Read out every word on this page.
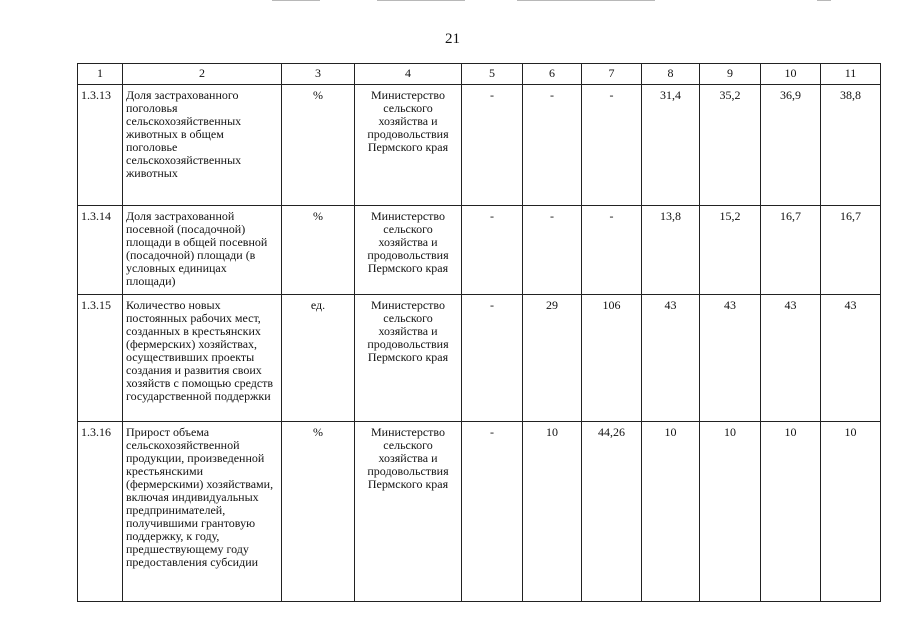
21
1	2	3	4	5	6	7	8	9	10	11
1.3.13	Доля застрахованного поголовья сельскохозяйственных животных в общем поголовье сельскохозяйственных животных	%	Министерство сельского хозяйства и продовольствия Пермского края	-	-	-	31,4	35,2	36,9	38,8
1.3.14	Доля застрахованной посевной (посадочной) площади в общей посевной (посадочной) площади (в условных единицах площади)	%	Министерство сельского хозяйства и продовольствия Пермского края	-	-	-	13,8	15,2	16,7	16,7
1.3.15	Количество новых постоянных рабочих мест, созданных в крестьянских (фермерских) хозяйствах, осуществивших проекты создания и развития своих хозяйств с помощью средств государственной поддержки	ед.	Министерство сельского хозяйства и продовольствия Пермского края	-	29	106	43	43	43	43
1.3.16	Прирост объема сельскохозяйственной продукции, произведенной крестьянскими (фермерскими) хозяйствами, включая индивидуальных предпринимателей, получившими грантовую поддержку, к году, предшествующему году предоставления субсидии	%	Министерство сельского хозяйства и продовольствия Пермского края	-	10	44,26	10	10	10	10
